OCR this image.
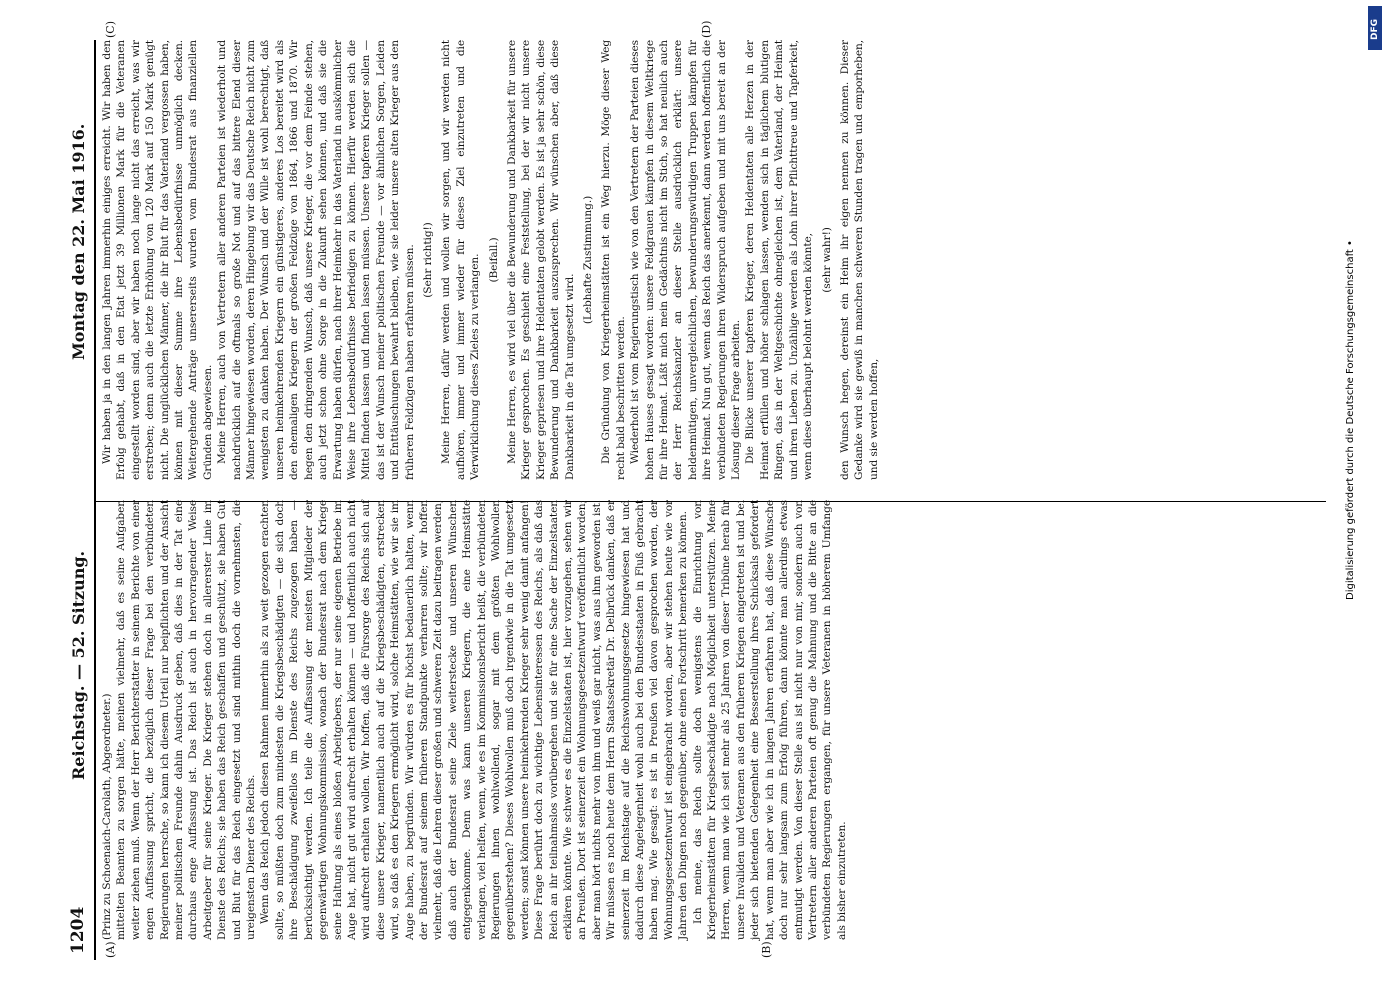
1204
Reichstag. — 52. Sitzung.
Montag den 22. Mai 1916.
(A)	(B)
(C)	(D)

(Prinz zu Schoenaich-Carolath, Abgeordneter.) mittelten Beamten zu sorgen hätte, meinen vielmehr, daß es seine Aufgaben weiter ziehen muß. Wenn der Herr Berichterstatter in seinem Berichte von einer engen Auffassung spricht, die bezüglich dieser Frage bei den verbündeten Regierungen herrsche, so kann ich diesem Urteil nur beipflichten und der Ansicht meiner politischen Freunde dahin Ausdruck geben, daß dies in der Tat eine durchaus enge Auffassung ist. Das Reich ist auch in hervorragender Weise Arbeitgeber für seine Krieger. Die Krieger stehen doch in allererster Linie im Dienste des Reichs; sie haben das Reich geschaffen und geschützt, sie haben Gut und Blut für das Reich eingesetzt und sind mithin doch die vornehmsten, die ureigensten Diener des Reichs. Wenn das Reich jedoch diesen Rahmen immerhin als zu weit gezogen erachten sollte, so müßten doch zum mindesten die Kriegsbeschädigten — die sich doch ihre Beschädigung zweifellos im Dienste des Reichs zugezogen haben — berücksichtigt werden. Ich teile die Auffassung der meisten Mitglieder der gegenwärtigen Wohnungskommission, wonach der Bundesrat nach dem Kriege seine Haltung als eines bloßen Arbeitgebers, der nur seine eigenen Betriebe im Auge hat, nicht gut wird aufrecht erhalten können — und hoffentlich auch nicht wird aufrecht erhalten wollen. Wir hoffen, daß die Fürsorge des Reichs sich auf diese unsere Krieger, namentlich auch auf die Kriegsbeschädigten, erstrecken wird, so daß es den Kriegern ermöglicht wird, solche Heimstätten, wie wir sie im Auge haben, zu begründen. Wir würden es für höchst bedauerlich halten, wenn der Bundesrat auf seinem früheren Standpunkte verharren sollte; wir hoffen vielmehr, daß die Lehren dieser großen und schweren Zeit dazu beitragen werden, daß auch der Bundesrat seine Ziele weiterstecke und unseren Wünschen entgegenkomme. Denn was kann unseren Kriegern, die eine Heimstätte verlangen, viel helfen, wenn, wie es im Kommissionsbericht heißt, die verbündeten Regierungen ihnen wohlwollend, sogar mit dem größten Wohlwollen gegenüberstehen? Dieses Wohlwollen muß doch irgendwie in die Tat umgesetzt werden; sonst können unsere heimkehrenden Krieger sehr wenig damit anfangen! Diese Frage berührt doch zu wichtige Lebensinteressen des Reichs, als daß das Reich an ihr teilnahmslos vorübergehen und sie für eine Sache der Einzelstaaten erklären könnte. Wie schwer es die Einzelstaaten ist, hier vorzugehen, sehen wir an Preußen. Dort ist seinerzeit ein Wohnungsgesetzentwurf veröffentlicht worden; aber man hört nichts mehr von ihm und weiß gar nicht, was aus ihm geworden ist. Wir müssen es noch heute dem Herrn Staatssekretär Dr. Delbrück danken, daß er seinerzeit im Reichstage auf die Reichswohnungsgesetze hingewiesen hat und dadurch diese Angelegenheit wohl auch bei den Bundesstaaten in Fluß gebracht haben mag. Wie gesagt: es ist in Preußen viel davon gesprochen worden, der Wohnungsgesetzentwurf ist eingebracht worden, aber wir stehen heute wie vor Jahren den Dingen noch gegenüber, ohne einen Fortschritt bemerken zu können. Ich meine, das Reich sollte doch wenigstens die Einrichtung von Kriegerheimstätten für Kriegsbeschädigte nach Möglichkeit unterstützen. Meine Herren, wenn man wie ich seit mehr als 25 Jahren von dieser Tribüne herab für unsere Invaliden und Veteranen aus den früheren Kriegen eingetreten ist und bei jeder sich bietenden Gelegenheit eine Besserstellung ihres Schicksals gefordert hat, wenn man aber wie ich in langen Jahren erfahren hat, daß diese Wünsche doch nur sehr langsam zum Erfolg führen, dann könnte man allerdings etwas entmutigt werden. Von dieser Stelle aus ist nicht nur von mir, sondern auch von Vertretern aller anderen Parteien oft genug die Mahnung und die Bitte an die verbündeten Regierungen ergangen, für unsere Veteranen in höherem Umfange als bisher einzutreten.

Wir haben ja in den langen Jahren immerhin einiges erreicht. Wir haben den Erfolg gehabt, daß in den Etat jetzt 39 Millionen Mark für die Veteranen eingestellt worden sind, aber wir haben noch lange nicht das erreicht, was wir erstreben; denn auch die letzte Erhöhung von 120 Mark auf 150 Mark genügt nicht. Die unglücklichen Männer, die ihr Blut für das Vaterland vergossen haben, können mit dieser Summe ihre Lebensbedürfnisse unmöglich decken. Weitergehende Anträge unsererseits wurden vom Bundesrat aus finanziellen Gründen abgewiesen. Meine Herren, auch von Vertretern aller anderen Parteien ist wiederholt und nachdrücklich auf die oftmals so große Not und auf das bittere Elend dieser Männer hingewiesen worden, deren Hingebung wir das Deutsche Reich nicht zum wenigsten zu danken haben. Der Wunsch und der Wille ist wohl berechtigt, daß unseren heimkehrenden Kriegern ein günstigeres, anderes Los bereitet wird als den ehemaligen Kriegern der großen Feldzüge von 1864, 1866 und 1870. Wir hegen den dringenden Wunsch, daß unsere Krieger, die vor dem Feinde stehen, auch jetzt schon ohne Sorge in die Zukunft sehen können, und daß sie die Erwartung haben dürfen, nach ihrer Heimkehr in das Vaterland in auskömmlicher Weise ihre Lebensbedürfnisse befriedigen zu können. Hierfür werden sich die Mittel finden lassen und finden lassen müssen. Unsere tapferen Krieger sollen — das ist der Wunsch meiner politischen Freunde — vor ähnlichen Sorgen, Leiden und Enttäuschungen bewahrt bleiben, wie sie leider unsere alten Krieger aus den früheren Feldzügen haben erfahren müssen. (Sehr richtig!) Meine Herren, dafür werden und wollen wir sorgen, und wir werden nicht aufhören, immer und immer wieder für dieses Ziel einzutreten und die Verwirklichung dieses Zieles zu verlangen. (Beifall.) Meine Herren, es wird viel über die Bewunderung und Dankbarkeit für unsere Krieger gesprochen. Es geschieht eine Feststellung, bei der wir nicht unsere Krieger gepriesen und ihre Heldentaten gelobt werden. Es ist ja sehr schön, diese Bewunderung und Dankbarkeit auszusprechen. Wir wünschen aber, daß diese Dankbarkeit in die Tat umgesetzt wird.

(Lebhafte Zustimmung.) Die Gründung von Kriegerheimstätten ist ein Weg hierzu. Möge dieser Weg recht bald beschritten werden. Wiederholt ist vom Regierungstisch wie von den Vertretern der Parteien dieses hohen Hauses gesagt worden: unsere Feldgrauen kämpfen in diesem Weltkriege für ihre Heimat. Läßt mich mein Gedächtnis nicht im Stich, so hat neulich auch der Herr Reichskanzler an dieser Stelle ausdrücklich erklärt: unsere heldenmütigen, unvergleichlichen, bewunderungswürdigen Truppen kämpfen für ihre Heimat. Nun gut, wenn das Reich das anerkennt, dann werden hoffentlich die verbündeten Regierungen ihren Widerspruch aufgeben und mit uns bereit an der Lösung dieser Frage arbeiten. Die Blicke unserer tapferen Krieger, deren Heldentaten alle Herzen in der Heimat erfüllen und höher schlagen lassen, wenden sich in täglichem blutigen Ringen, das in der Weltgeschichte ohnegleichen ist, dem Vaterland, der Heimat und ihren Lieben zu. Unzählige werden als Lohn ihrer Pflichttreue und Tapferkeit, wenn diese überhaupt belohnt werden könnte, (sehr wahr!) den Wunsch hegen, dereinst ein Heim ihr eigen nennen zu können. Dieser Gedanke wird sie gewiß in manchen schweren Stunden tragen und emporheben, und sie werden hoffen,	Digitalisierung gefördert durch die Deutsche Forschungsgemeinschaft •
DFG
